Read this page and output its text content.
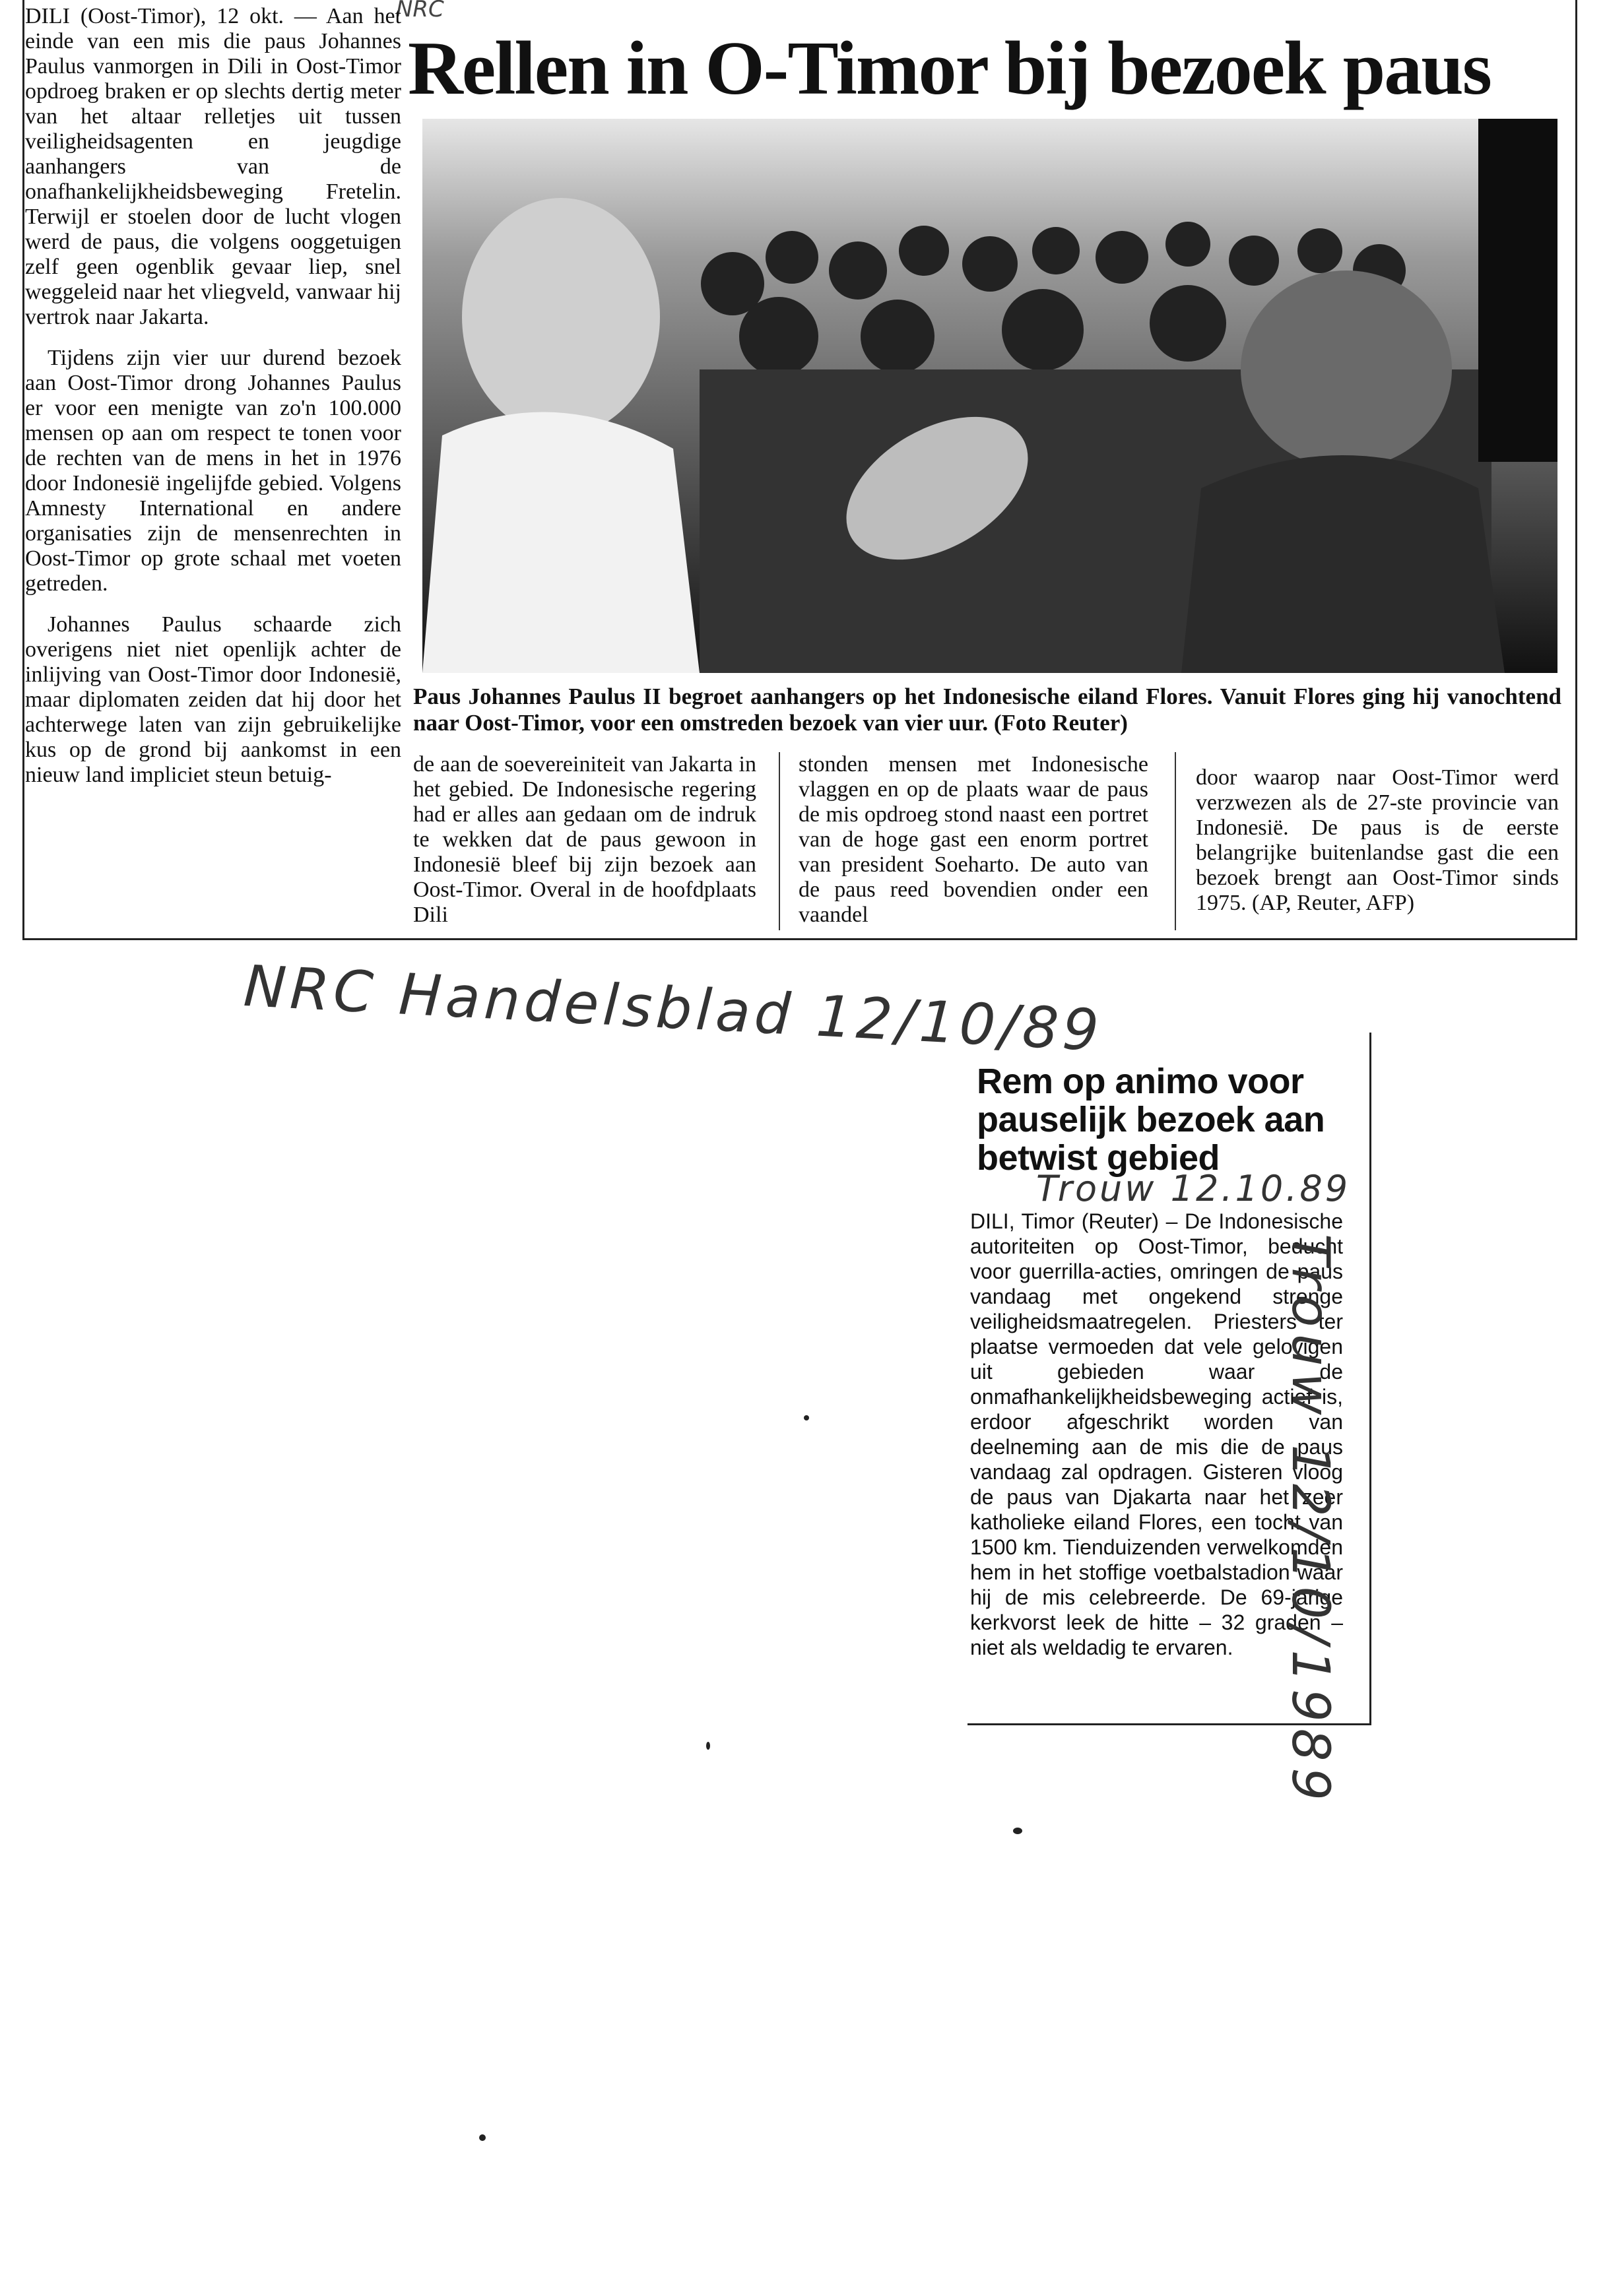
NRC
Rellen in O-Timor bij bezoek paus

DILI (Oost-Timor), 12 okt. — Aan het einde van een mis die paus Johannes Paulus vanmorgen in Dili in Oost-Timor opdroeg braken er op slechts dertig meter van het altaar relletjes uit tussen veiligheidsagenten en jeugdige aanhangers van de onafhankelijkheidsbeweging Fretelin. Terwijl er stoelen door de lucht vlogen werd de paus, die volgens ooggetuigen zelf geen ogenblik gevaar liep, snel weggeleid naar het vliegveld, vanwaar hij vertrok naar Jakarta.

Tijdens zijn vier uur durend bezoek aan Oost-Timor drong Johannes Paulus er voor een menigte van zo'n 100.000 mensen op aan om respect te tonen voor de rechten van de mens in het in 1976 door Indonesië ingelijfde gebied. Volgens Amnesty International en andere organisaties zijn de mensenrechten in Oost-Timor op grote schaal met voeten getreden.

Johannes Paulus schaarde zich overigens niet niet openlijk achter de inlijving van Oost-Timor door Indonesië, maar diplomaten zeiden dat hij door het achterwege laten van zijn gebruikelijke kus op de grond bij aankomst in een nieuw land impliciet steun betuig-

Paus Johannes Paulus II begroet aanhangers op het Indonesische eiland Flores. Vanuit Flores ging hij vanochtend naar Oost-Timor, voor een omstreden bezoek van vier uur. (Foto Reuter)
de aan de soevereiniteit van Jakarta in het gebied. De Indonesische regering had er alles aan gedaan om de indruk te wekken dat de paus gewoon in Indonesië bleef bij zijn bezoek aan Oost-Timor. Overal in de hoofdplaats Dili
stonden mensen met Indonesische vlaggen en op de plaats waar de paus de mis opdroeg stond naast een portret van de hoge gast een enorm portret van president Soeharto. De auto van de paus reed bovendien onder een vaandel
door waarop naar Oost-Timor werd verzwezen als de 27-ste provincie van Indonesië. De paus is de eerste belangrijke buitenlandse gast die een bezoek brengt aan Oost-Timor sinds 1975. (AP, Reuter, AFP)
NRC Handelsblad 12/10/89
Rem op animo voor pauselijk bezoek aan betwist gebied
Trouw 12.10.89
DILI, Timor (Reuter) – De Indonesische autoriteiten op Oost-Timor, beducht voor guerrilla-acties, omringen de paus vandaag met ongekend strenge veiligheidsmaatregelen. Priesters ter plaatse vermoeden dat vele gelovigen uit gebieden waar de onmafhankelijkheidsbeweging actief is, erdoor afgeschrikt worden van deelneming aan de mis die de paus vandaag zal opdragen. Gisteren vloog de paus van Djakarta naar het zeer katholieke eiland Flores, een tocht van 1500 km. Tienduizenden verwelkomden hem in het stoffige voetbalstadion waar hij de mis celebreerde. De 69-jarige kerkvorst leek de hitte – 32 graden – niet als weldadig te ervaren. Trouw 12/10/1989
